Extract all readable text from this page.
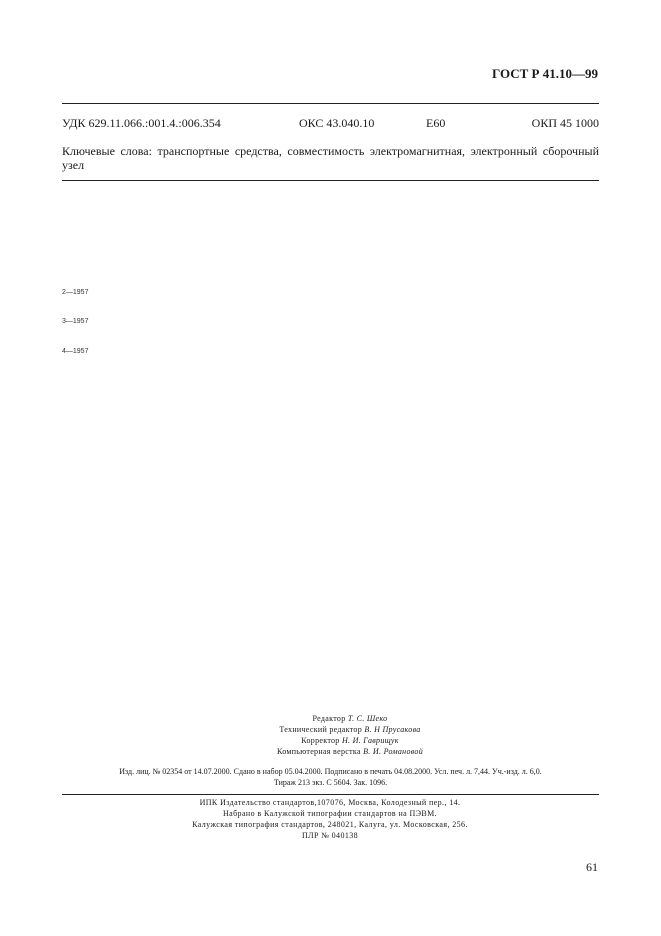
ГОСТ Р 41.10—99
УДК 629.11.066.:001.4.:006.354	ОКС 43.040.10	Е60	ОКП 45 1000
Ключевые слова: транспортные средства, совместимость электромагнитная, электронный сборочный узел
2—1957
3—1957
4—1957
Редактор Т. С. Шеко
Технический редактор В. Н Прусакова
Корректор Н. И. Гаврищук
Компьютерная верстка В. И. Романовой
Изд. лиц. № 02354 от 14.07.2000. Сдано в набор 05.04.2000. Подписано в печать 04.08.2000. Усл. печ. л. 7,44. Уч.-изд. л. 6,0.
Тираж 213 экз. С 5604. Зак. 1096.
ИПК Издательство стандартов,107076, Москва, Колодезный пер., 14.
Набрано в Калужской типографии стандартов на ПЭВМ.
Калужская типография стандартов, 248021, Калуга, ул. Московская, 256.
ПЛР № 040138
61
